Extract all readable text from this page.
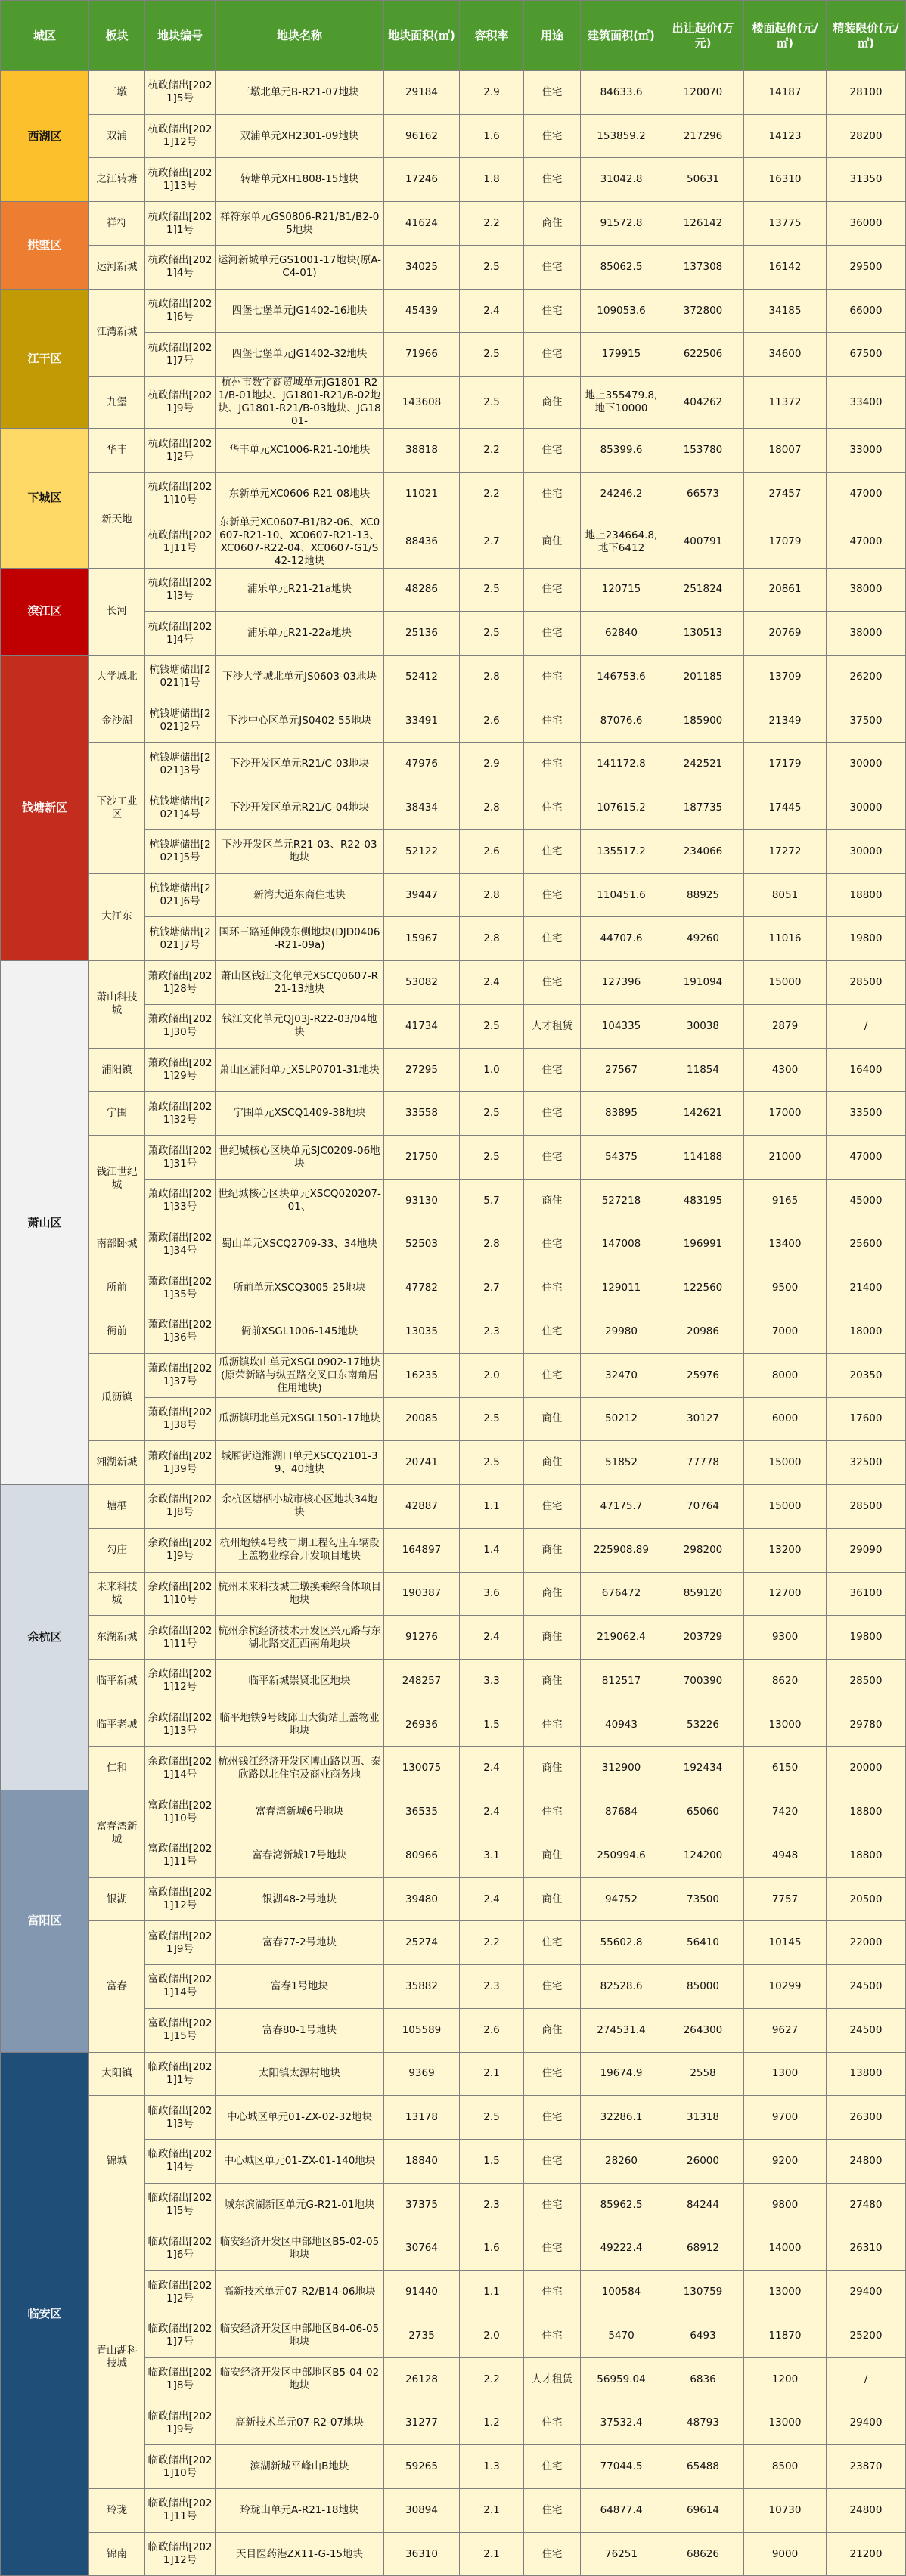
城区	板块	地块编号	地块名称	地块面积(㎡)	容积率	用途	建筑面积(㎡)	出让起价(万元)	楼面起价(元/㎡)	精装限价(元/㎡)
西湖区	三墩	杭政储出[2021]5号	三墩北单元B-R21-07地块	29184	2.9	住宅	84633.6	120070	14187	28100
	双浦	杭政储出[2021]12号	双浦单元XH2301-09地块	96162	1.6	住宅	153859.2	217296	14123	28200
	之江转塘	杭政储出[2021]13号	转塘单元XH1808-15地块	17246	1.8	住宅	31042.8	50631	16310	31350
拱墅区	祥符	杭政储出[2021]1号	祥符东单元GS0806-R21/B1/B2-05地块	41624	2.2	商住	91572.8	126142	13775	36000
	运河新城	杭政储出[2021]4号	运河新城单元GS1001-17地块(原A-C4-01)	34025	2.5	住宅	85062.5	137308	16142	29500
江干区	江湾新城	杭政储出[2021]6号	四堡七堡单元JG1402-16地块	45439	2.4	住宅	109053.6	372800	34185	66000
		杭政储出[2021]7号	四堡七堡单元JG1402-32地块	71966	2.5	住宅	179915	622506	34600	67500
	九堡	杭政储出[2021]9号	杭州市数字商贸城单元JG1801-R21/B-01地块、JG1801-R21/B-02地块、JG1801-R21/B-03地块、JG1801-	143608	2.5	商住	地上355479.8,地下10000	404262	11372	33400
下城区	华丰	杭政储出[2021]2号	华丰单元XC1006-R21-10地块	38818	2.2	住宅	85399.6	153780	18007	33000
	新天地	杭政储出[2021]10号	东新单元XC0606-R21-08地块	11021	2.2	住宅	24246.2	66573	27457	47000
		杭政储出[2021]11号	东新单元XC0607-B1/B2-06、XC0607-R21-10、XC0607-R21-13、XC0607-R22-04、XC0607-G1/S42-12地块	88436	2.7	商住	地上234664.8,地下6412	400791	17079	47000
滨江区	长河	杭政储出[2021]3号	浦乐单元R21-21a地块	48286	2.5	住宅	120715	251824	20861	38000
		杭政储出[2021]4号	浦乐单元R21-22a地块	25136	2.5	住宅	62840	130513	20769	38000
钱塘新区	大学城北	杭钱塘储出[2021]1号	下沙大学城北单元JS0603-03地块	52412	2.8	住宅	146753.6	201185	13709	26200
	金沙湖	杭钱塘储出[2021]2号	下沙中心区单元JS0402-55地块	33491	2.6	住宅	87076.6	185900	21349	37500
	下沙工业区	杭钱塘储出[2021]3号	下沙开发区单元R21/C-03地块	47976	2.9	住宅	141172.8	242521	17179	30000
		杭钱塘储出[2021]4号	下沙开发区单元R21/C-04地块	38434	2.8	住宅	107615.2	187735	17445	30000
		杭钱塘储出[2021]5号	下沙开发区单元R21-03、R22-03地块	52122	2.6	住宅	135517.2	234066	17272	30000
	大江东	杭钱塘储出[2021]6号	新湾大道东商住地块	39447	2.8	住宅	110451.6	88925	8051	18800
		杭钱塘储出[2021]7号	国环三路延伸段东侧地块(DJD0406-R21-09a)	15967	2.8	住宅	44707.6	49260	11016	19800
萧山区	萧山科技城	萧政储出[2021]28号	萧山区钱江文化单元XSCQ0607-R21-13地块	53082	2.4	住宅	127396	191094	15000	28500
		萧政储出[2021]30号	钱江文化单元QJ03J-R22-03/04地块	41734	2.5	人才租赁	104335	30038	2879	/
	浦阳镇	萧政储出[2021]29号	萧山区浦阳单元XSLP0701-31地块	27295	1.0	住宅	27567	11854	4300	16400
	宁围	萧政储出[2021]32号	宁围单元XSCQ1409-38地块	33558	2.5	住宅	83895	142621	17000	33500
	钱江世纪城	萧政储出[2021]31号	世纪城核心区块单元SJC0209-06地块	21750	2.5	住宅	54375	114188	21000	47000
		萧政储出[2021]33号	世纪城核心区块单元XSCQ020207-01、	93130	5.7	商住	527218	483195	9165	45000
	南部卧城	萧政储出[2021]34号	蜀山单元XSCQ2709-33、34地块	52503	2.8	住宅	147008	196991	13400	25600
	所前	萧政储出[2021]35号	所前单元XSCQ3005-25地块	47782	2.7	住宅	129011	122560	9500	21400
	衙前	萧政储出[2021]36号	衙前XSGL1006-145地块	13035	2.3	住宅	29980	20986	7000	18000
	瓜沥镇	萧政储出[2021]37号	瓜沥镇坎山单元XSGL0902-17地块(原荣新路与纵五路交叉口东南角居住用地块)	16235	2.0	住宅	32470	25976	8000	20350
		萧政储出[2021]38号	瓜沥镇明北单元XSGL1501-17地块	20085	2.5	商住	50212	30127	6000	17600
	湘湖新城	萧政储出[2021]39号	城厢街道湘湖口单元XSCQ2101-39、40地块	20741	2.5	商住	51852	77778	15000	32500
余杭区	塘栖	余政储出[2021]8号	余杭区塘栖小城市核心区地块34地块	42887	1.1	住宅	47175.7	70764	15000	28500
	勾庄	余政储出[2021]9号	杭州地铁4号线二期工程勾庄车辆段上盖物业综合开发项目地块	164897	1.4	商住	225908.89	298200	13200	29090
	未来科技城	余政储出[2021]10号	杭州未来科技城三墩换乘综合体项目地块	190387	3.6	商住	676472	859120	12700	36100
	东湖新城	余政储出[2021]11号	杭州余杭经济技术开发区兴元路与东湖北路交汇西南角地块	91276	2.4	商住	219062.4	203729	9300	19800
	临平新城	余政储出[2021]12号	临平新城崇贤北区地块	248257	3.3	商住	812517	700390	8620	28500
	临平老城	余政储出[2021]13号	临平地铁9号线邱山大街站上盖物业地块	26936	1.5	住宅	40943	53226	13000	29780
	仁和	余政储出[2021]14号	杭州钱江经济开发区博山路以西、泰欣路以北住宅及商业商务地	130075	2.4	商住	312900	192434	6150	20000
富阳区	富春湾新城	富政储出[2021]10号	富春湾新城6号地块	36535	2.4	住宅	87684	65060	7420	18800
		富政储出[2021]11号	富春湾新城17号地块	80966	3.1	商住	250994.6	124200	4948	18800
	银湖	富政储出[2021]12号	银湖48-2号地块	39480	2.4	商住	94752	73500	7757	20500
	富春	富政储出[2021]9号	富春77-2号地块	25274	2.2	住宅	55602.8	56410	10145	22000
		富政储出[2021]14号	富春1号地块	35882	2.3	住宅	82528.6	85000	10299	24500
		富政储出[2021]15号	富春80-1号地块	105589	2.6	商住	274531.4	264300	9627	24500
临安区	太阳镇	临政储出[2021]1号	太阳镇太源村地块	9369	2.1	住宅	19674.9	2558	1300	13800
	锦城	临政储出[2021]3号	中心城区单元01-ZX-02-32地块	13178	2.5	住宅	32286.1	31318	9700	26300
		临政储出[2021]4号	中心城区单元01-ZX-01-140地块	18840	1.5	住宅	28260	26000	9200	24800
		临政储出[2021]5号	城东滨湖新区单元G-R21-01地块	37375	2.3	住宅	85962.5	84244	9800	27480
	青山湖科技城	临政储出[2021]6号	临安经济开发区中部地区B5-02-05地块	30764	1.6	住宅	49222.4	68912	14000	26310
		临政储出[2021]2号	高新技术单元07-R2/B14-06地块	91440	1.1	住宅	100584	130759	13000	29400
		临政储出[2021]7号	临安经济开发区中部地区B4-06-05地块	2735	2.0	住宅	5470	6493	11870	25200
		临政储出[2021]8号	临安经济开发区中部地区B5-04-02地块	26128	2.2	人才租赁	56959.04	6836	1200	/
		临政储出[2021]9号	高新技术单元07-R2-07地块	31277	1.2	住宅	37532.4	48793	13000	29400
		临政储出[2021]10号	滨湖新城平峰山B地块	59265	1.3	住宅	77044.5	65488	8500	23870
	玲珑	临政储出[2021]11号	玲珑山单元A-R21-18地块	30894	2.1	住宅	64877.4	69614	10730	24800
	锦南	临政储出[2021]12号	天目医药港ZX11-G-15地块	36310	2.1	住宅	76251	68626	9000	21200
